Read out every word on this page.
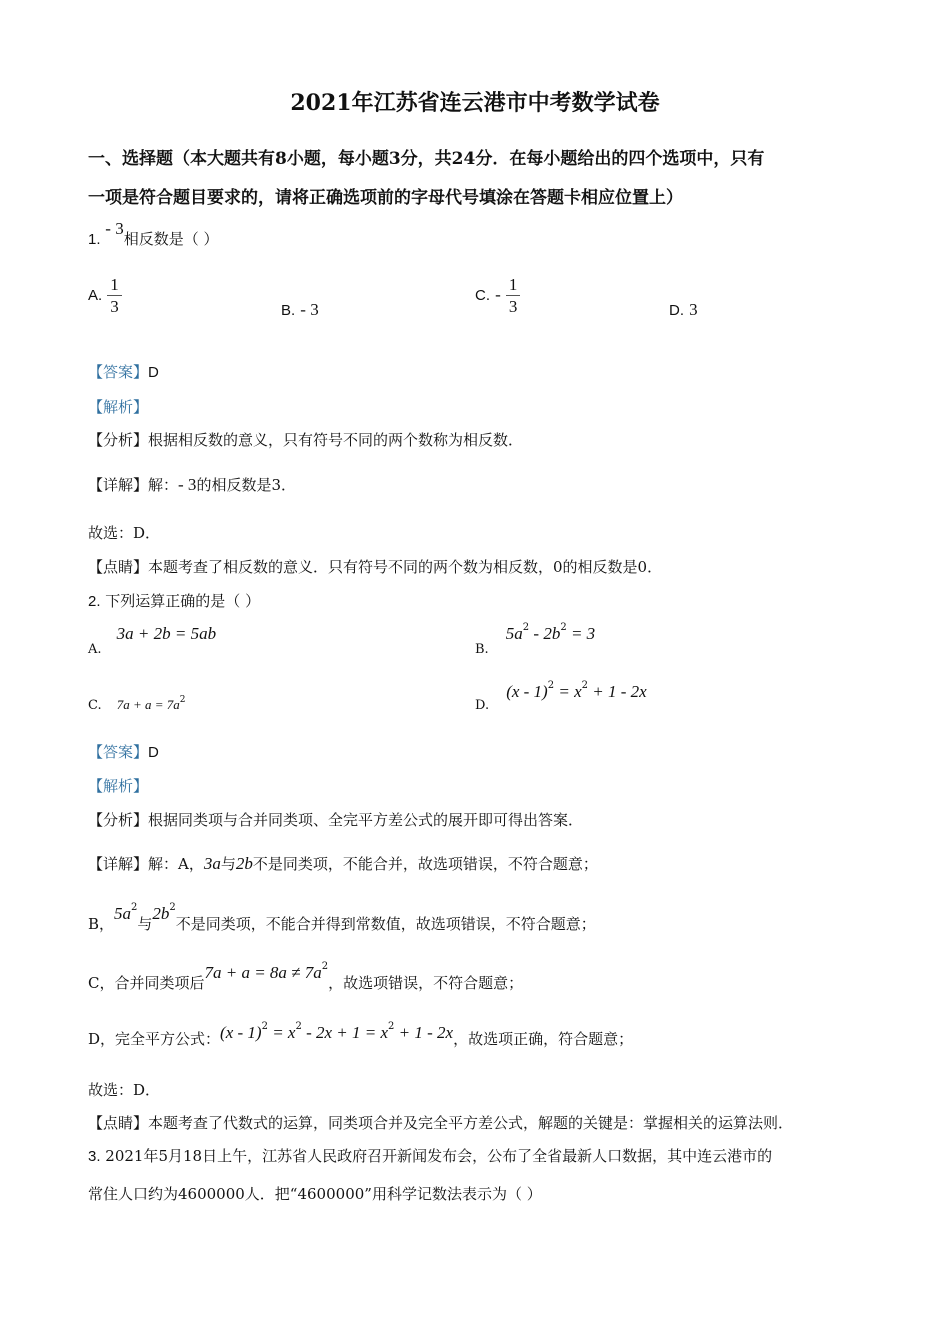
2021年江苏省连云港市中考数学试卷
一、选择题（本大题共有8小题，每小题3分，共24分．在每小题给出的四个选项中，只有
一项是符合题目要求的，请将正确选项前的字母代号填涂在答题卡相应位置上）
1. - 3相反数是（ ）
A. $\frac{1}{3}$	B. - 3
C. - $\frac{1}{3}$	D. 3
【答案】D
【解析】
【分析】根据相反数的意义，只有符号不同的两个数称为相反数．
【详解】解：- 3的相反数是3．
故选：D．
【点睛】本题考查了相反数的意义．只有符号不同的两个数为相反数，0的相反数是0．
2. 下列运算正确的是（ ）
$_{A.}$ 3a + 2b = 5ab
$_{B.}$ $5a^2 - 2b^2 = 3$
C. $7a + a = 7a^2$	$_{D.}$ $(x - 1)^2 = x^2 + 1 - 2x$
【答案】D
【解析】
【分析】根据同类项与合并同类项、全完平方差公式的展开即可得出答案．
【详解】解：A，3a与2b不是同类项，不能合并，故选项错误，不符合题意；
B，$5a^2$与$2b^2$不是同类项，不能合并得到常数值，故选项错误，不符合题意；
C，合并同类项后$7a + a = 8a \ne 7a^2$，故选项错误，不符合题意；
D，完全平方公式：$(x - 1)^2 = x^2 - 2x + 1 = x^2 + 1 - 2x$，故选项正确，符合题意；
故选：D．
【点睛】本题考查了代数式的运算，同类项合并及完全平方差公式，解题的关键是：掌握相关的运算法则．
3. 2021年5月18日上午，江苏省人民政府召开新闻发布会，公布了全省最新人口数据，其中连云港市的
常住人口约为4600000人．把“4600000”用科学记数法表示为（ ）
